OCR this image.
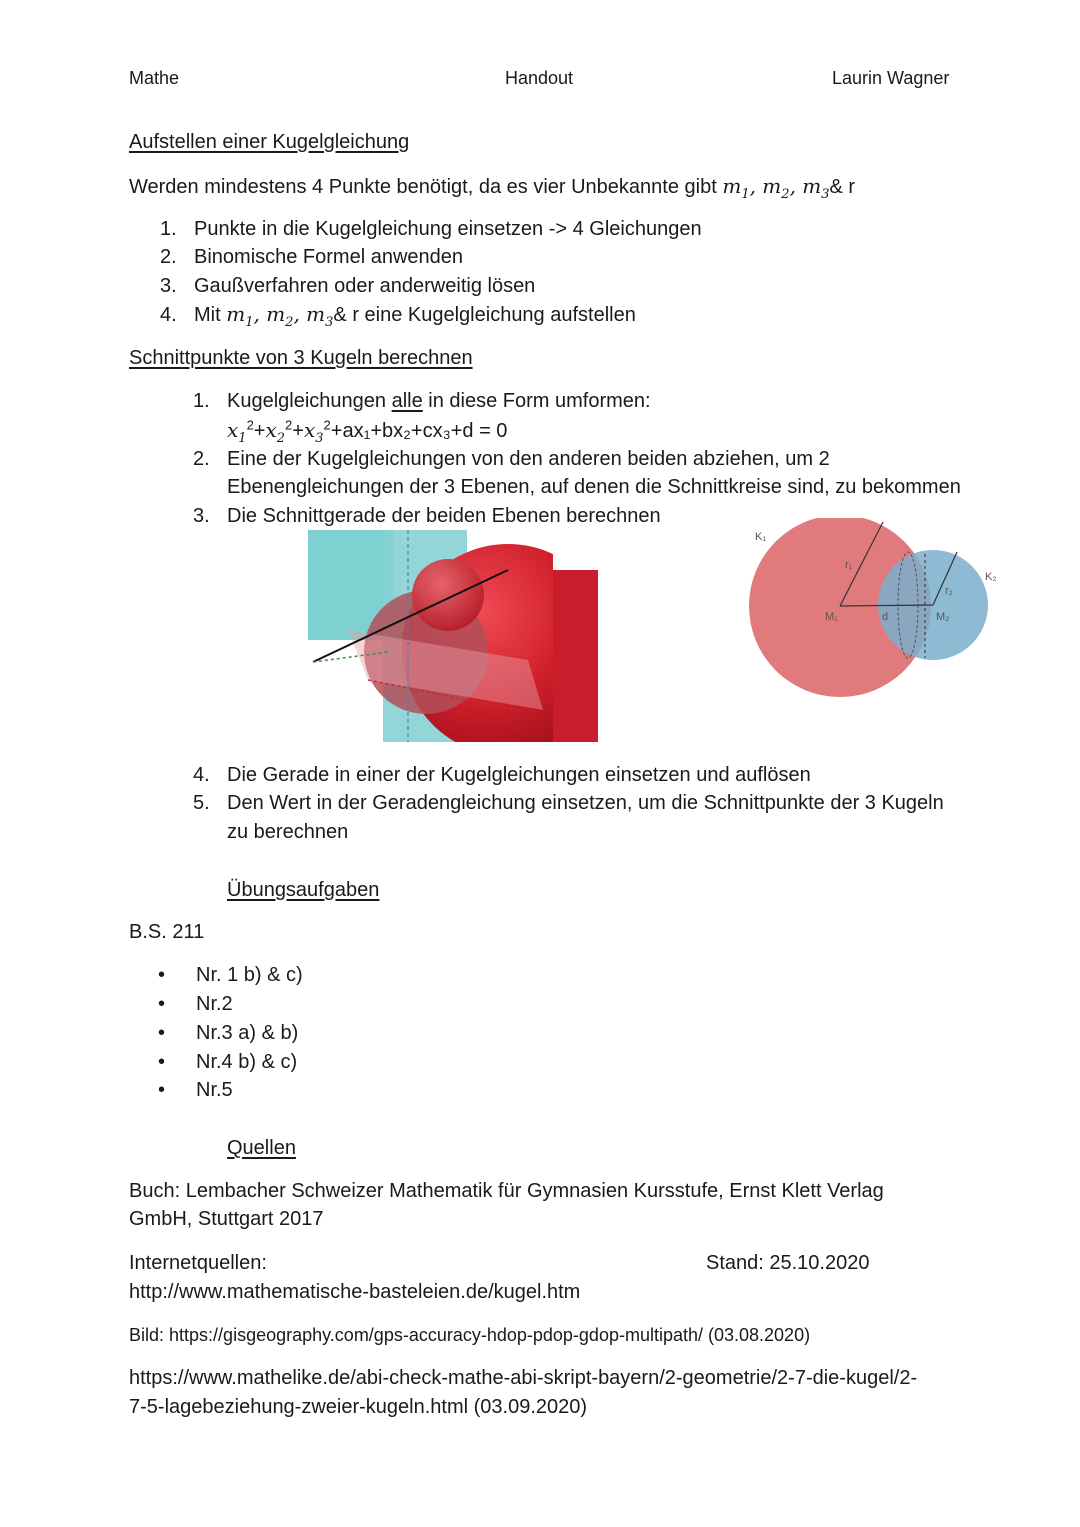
Mathe	Handout	Laurin Wagner
Aufstellen einer Kugelgleichung
Werden mindestens 4 Punkte benötigt, da es vier Unbekannte gibt $m_1$, $m_2$, $m_3\&$ r
1. Punkte in die Kugelgleichung einsetzen -> 4 Gleichungen
2. Binomische Formel anwenden
3. Gaußverfahren oder anderweitig lösen
4. Mit $m_1$, $m_2$, $m_3\&$ r eine Kugelgleichung aufstellen
Schnittpunkte von 3 Kugeln berechnen
1. Kugelgleichungen alle in diese Form umformen:
$x_1^2+x_2^2+x_3^2+ax_1+bx_2+cx_3+d = 0$
2. Eine der Kugelgleichungen von den anderen beiden abziehen, um 2
Ebenengleichungen der 3 Ebenen, auf denen die Schnittkreise sind, zu bekommen
3. Die Schnittgerade der beiden Ebenen berechnen
K₁
K₂
r₁
r₂
M₁	M₂
d
4. Die Gerade in einer der Kugelgleichungen einsetzen und auflösen
5. Den Wert in der Geradengleichung einsetzen, um die Schnittpunkte der 3 Kugeln
zu berechnen
Übungsaufgaben
B.S. 211
• Nr. 1 b) & c)
• Nr.2
• Nr.3 a) & b)
• Nr.4 b) & c)
• Nr.5
Quellen
Buch: Lembacher Schweizer Mathematik für Gymnasien Kursstufe, Ernst Klett Verlag
GmbH, Stuttgart 2017
Internetquellen:	Stand: 25.10.2020
http://www.mathematische-basteleien.de/kugel.htm
Bild: https://gisgeography.com/gps-accuracy-hdop-pdop-gdop-multipath/ (03.08.2020)
https://www.mathelike.de/abi-check-mathe-abi-skript-bayern/2-geometrie/2-7-die-kugel/2-
7-5-lagebeziehung-zweier-kugeln.html (03.09.2020)
